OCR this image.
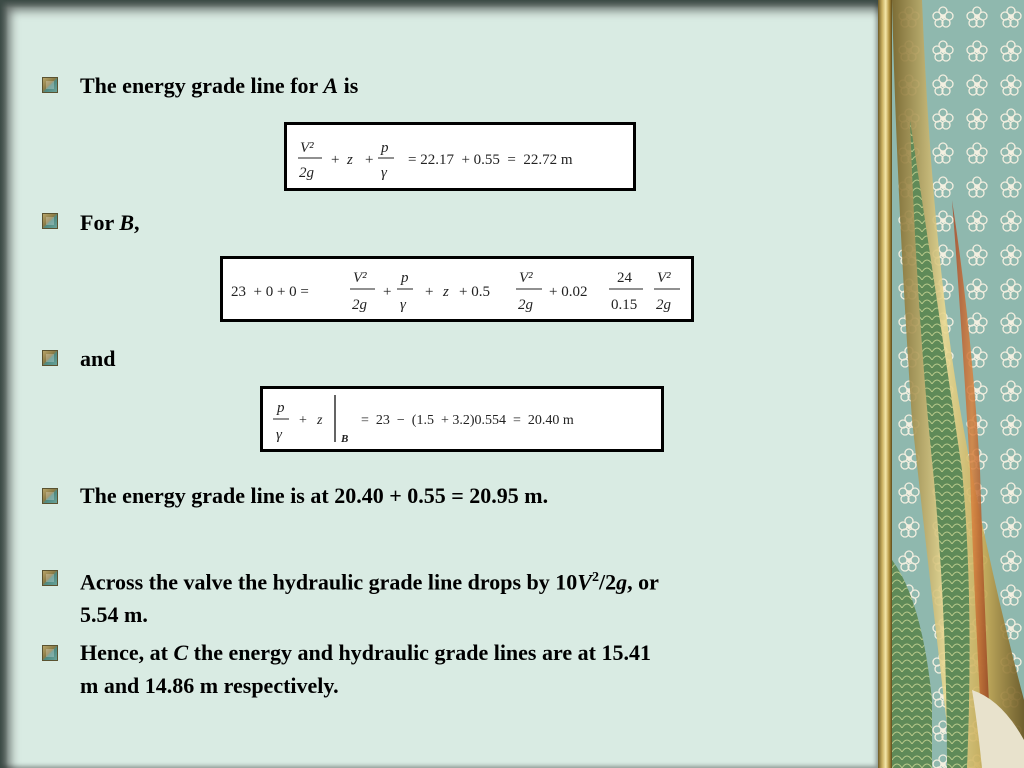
The energy grade line for A is
V²
2g
+ z +
p
γ
= 22.17  + 0.55  =  22.72 m
For B,
23  + 0 + 0 =
V²
2g
+
p
γ
+ z + 0.5
V²
2g
+ 0.02
24
0.15
V²
2g
and
p
γ
+ z
B
=  23  −  (1.5  + 3.2)0.554  =  20.40 m
The energy grade line is at 20.40 + 0.55 = 20.95 m.
Across the valve the hydraulic grade line drops by $10V^2/2g$, or
5.54 m.
Hence, at C the energy and hydraulic grade lines are at 15.41
m and 14.86 m respectively.
